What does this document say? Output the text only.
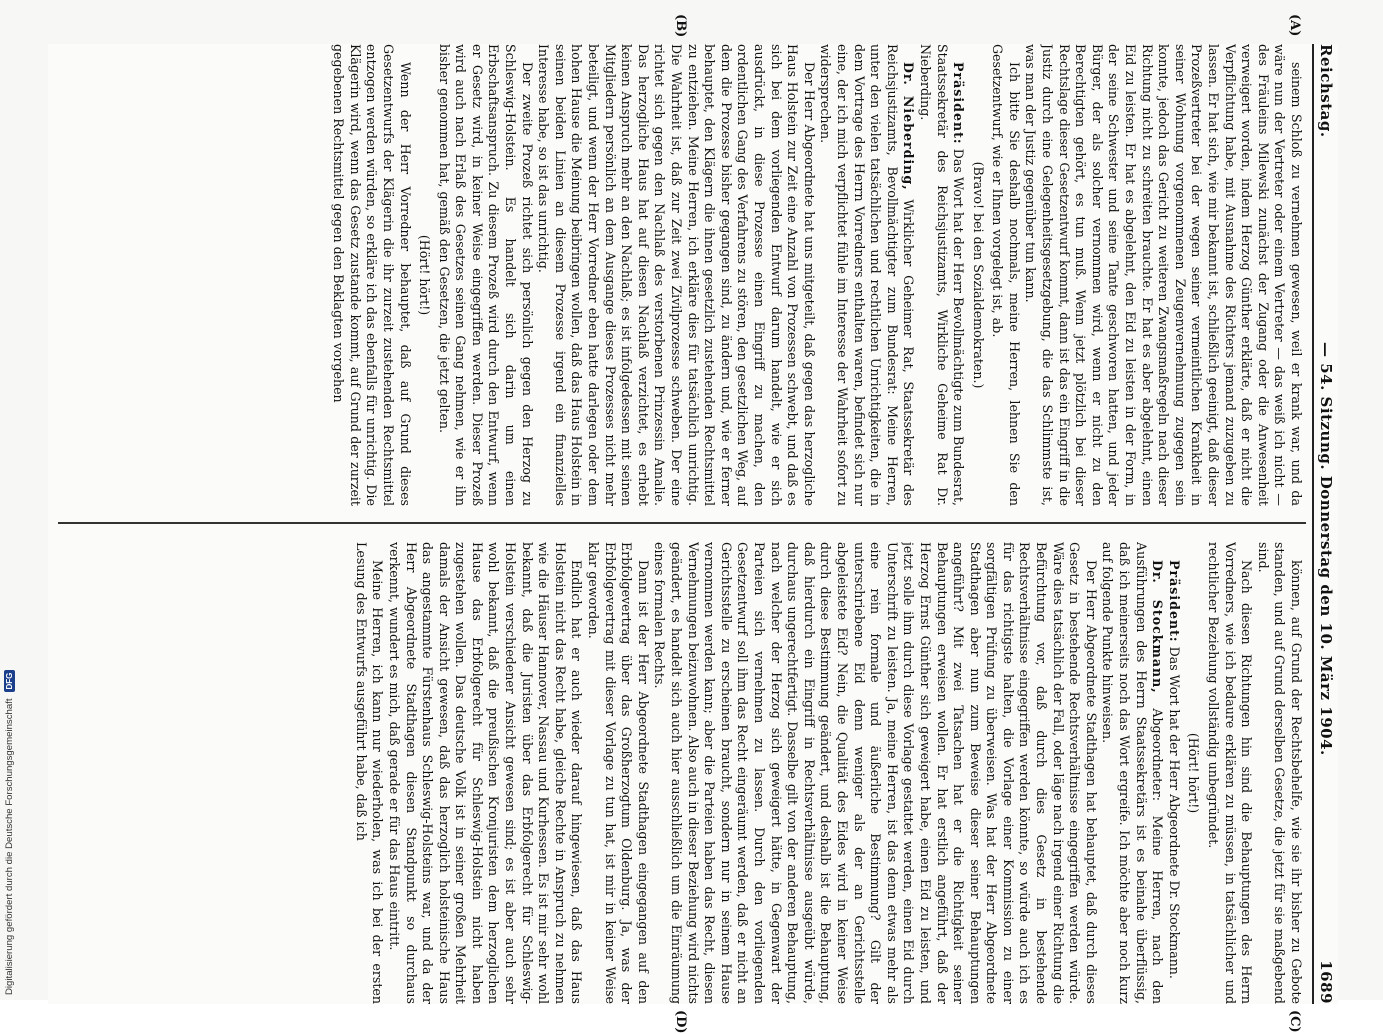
Reichstag.
— 54. Sitzung. Donnerstag den 10. März 1904.
1689
(A)
(B)
(C)
(D)

seinem Schloß zu vernehmen gewesen, weil er krank war, und da wäre nun der Vertreter oder einem Vertreter — das weiß ich nicht — des Fräuleins Milewski zunächst der Zugang oder die Anwesenheit verweigert worden, indem Herzog Günther erklärte, daß er nicht die Verpflichtung habe, mit Ausnahme des Richters jemand zuzugeben zu lassen. Er hat sich, wie mir bekannt ist, schließlich geeinigt, daß dieser Prozeßvertreter bei der wegen seiner vermeintlichen Krankheit in seiner Wohnung vorgenommenen Zeugenvernehmung zugegen sein konnte, jedoch das Gericht zu weiteren Zwangsmaßregeln nach dieser Richtung nicht zu schreiten brauchte. Er hat es aber abgelehnt, einen Eid zu leisten. Er hat es abgelehnt, den Eid zu leisten in der Form, in der seine Schwester und seine Tante geschworen hatten, und jeder Bürger, der als solcher vernommen wird, wenn er nicht zu den Berechtigten gehört, es tun muß. Wenn jetzt plötzlich bei dieser Rechtslage dieser Gesetzentwurf kommt, dann ist das ein Eingriff in die Justiz durch eine Gelegenheitsgesetzgebung, die das Schlimmste ist, was man der Justiz gegenüber tun kann.

Ich bitte Sie deshalb nochmals, meine Herren, lehnen Sie den Gesetzentwurf, wie er Ihnen vorgelegt ist, ab.

(Bravo! bei den Sozialdemokraten.)

Präsident: Das Wort hat der Herr Bevollmächtigte zum Bundesrat, Staatssekretär des Reichsjustizamts, Wirkliche Geheime Rat Dr. Nieberding.

Dr. Nieberding, Wirklicher Geheimer Rat, Staatssekretär des Reichsjustizamts, Bevollmächtigter zum Bundesrat: Meine Herren, unter den vielen tatsächlichen und rechtlichen Unrichtigkeiten, die in dem Vortrage des Herrn Vorredners enthalten waren, befindet sich nur eine, der ich mich verpflichtet fühle im Interesse der Wahrheit sofort zu widersprechen.

Der Herr Abgeordnete hat uns mitgeteilt, daß gegen das herzogliche Haus Holstein zur Zeit eine Anzahl von Prozessen schwebt, und daß es sich bei dem vorliegenden Entwurf darum handelt, wie er sich ausdrückt, in diese Prozesse einen Eingriff zu machen, den ordentlichen Gang des Verfahrens zu stören, den gesetzlichen Weg, auf dem die Prozesse bisher gegangen sind, zu ändern und, wie er ferner behauptet, den Klägern die ihnen gesetzlich zustehenden Rechtsmittel zu entziehen. Meine Herren, ich erkläre dies für tatsächlich unrichtig. Die Wahrheit ist, daß zur Zeit zwei Zivilprozesse schweben. Der eine richtet sich gegen den Nachlaß des verstorbenen Prinzessin Amalie. Das herzogliche Haus hat auf diesen Nachlaß verzichtet, es erhebt keinen Anspruch mehr an den Nachlaß; es ist infolgedessen mit seinen Mitgliedern persönlich an dem Ausgange dieses Prozesses nicht mehr beteiligt, und wenn der Herr Vorredner eben hatte darlegen oder dem hohen Hause die Meinung beibringen wollen, daß das Haus Holstein in seinen beiden Linien an diesem Prozesse irgend ein finanzielles Interesse habe, so ist das unrichtig.

Der zweite Prozeß richtet sich persönlich gegen den Herzog zu Schleswig-Holstein. Es handelt sich darin um einen Erbschaftsanspruch. Zu diesem Prozeß wird durch den Entwurf, wenn er Gesetz wird, in keiner Weise eingegriffen werden. Dieser Prozeß wird auch nach Erlaß des Gesetzes seinen Gang nehmen, wie er ihn bisher genommen hat, gemäß den Gesetzen, die jetzt gelten.

(Hört! hört!)

Wenn der Herr Vorredner behauptet, daß auf Grund dieses Gesetzentwurfs der Klägerin die ihr zurzeit zustehenden Rechtsmittel entzogen werden würden, so erkläre ich das ebenfalls für unrichtig. Die Klägerin wird, wenn das Gesetz zustande kommt, auf Grund der zurzeit gegebenen Rechtsmittel gegen den Beklagten vorgehen

können, auf Grund der Rechtsbehelfe, wie sie ihr bisher zu Gebote standen, und auf Grund derselben Gesetze, die jetzt für sie maßgebend sind.

Nach diesen Richtungen hin sind die Behauptungen des Herrn Vorredners, wie ich bedaure erklären zu müssen, in tatsächlicher und rechtlicher Beziehung vollständig unbegründet.

(Hört! hört!)

Präsident: Das Wort hat der Herr Abgeordnete Dr. Stockmann.

Dr. Stockmann, Abgeordneter: Meine Herren, nach den Ausführungen des Herrn Staatssekretärs ist es beinahe überflüssig, daß ich meinerseits noch das Wort ergreife. Ich möchte aber noch kurz auf folgende Punkte hinweisen.

Der Herr Abgeordnete Stadthagen hat behauptet, daß durch dieses Gesetz in bestehende Rechtsverhältnisse eingegriffen werden würde. Wäre dies tatsächlich der Fall, oder läge nach irgend einer Richtung die Befürchtung vor, daß durch dies Gesetz in bestehende Rechtsverhältnisse eingegriffen werden könnte, so würde auch ich es für das richtigste halten, die Vorlage einer Kommission zu einer sorgfältigen Prüfung zu überweisen. Was hat der Herr Abgeordnete Stadthagen aber nun zum Beweise dieser seiner Behauptungen angeführt? Mit zwei Tatsachen hat er die Richtigkeit seiner Behauptungen erweisen wollen. Er hat erstlich angeführt, daß der Herzog Ernst Günther sich geweigert habe, einen Eid zu leisten, und jetzt solle ihm durch diese Vorlage gestattet werden, einen Eid durch Unterschrift zu leisten. Ja, meine Herren, ist das denn etwas mehr als eine rein formale und äußerliche Bestimmung? Gilt der unterschriebene Eid denn weniger als der an Gerichtsstelle abgeleistete Eid? Nein, die Qualität des Eides wird in keiner Weise durch diese Bestimmung geändert, und deshalb ist die Behauptung, daß hierdurch ein Eingriff in Rechtsverhältnisse ausgeübt würde, durchaus ungerechtfertigt. Dasselbe gilt von der anderen Behauptung, nach welcher der Herzog sich geweigert hätte, in Gegenwart der Parteien sich vernehmen zu lassen. Durch den vorliegenden Gesetzentwurf soll ihm das Recht eingeräumt werden, daß er nicht an Gerichtsstelle zu erscheinen braucht, sondern nur in seinem Hause vernommen werden kann; aber die Parteien haben das Recht, diesen Vernehmungen beizuwohnen. Also auch in dieser Beziehung wird nichts geändert, es handelt sich auch hier ausschließlich um die Einräumung eines formalen Rechts.

Dann ist der Herr Abgeordnete Stadthagen eingegangen auf den Erbfolgevertrag über das Großherzogtum Oldenburg. Ja, was der Erbfolgevertrag mit dieser Vorlage zu tun hat, ist mir in keiner Weise klar geworden.

Endlich hat er auch wieder darauf hingewiesen, daß das Haus Holstein nicht das Recht habe, gleiche Rechte in Anspruch zu nehmen wie die Häuser Hannover, Nassau und Kurhessen. Es ist mir sehr wohl bekannt, daß die Juristen über das Erbfolgerecht für Schleswig-Holstein verschiedener Ansicht gewesen sind; es ist aber auch sehr wohl bekannt, daß die preußischen Kronjuristen dem herzoglichen Hause das Erbfolgerecht für Schleswig-Holstein nicht haben zugestehen wollen. Das deutsche Volk ist in seiner großen Mehrheit damals der Ansicht gewesen, daß das herzoglich holsteinische Haus das angestammte Fürstenhaus Schleswig-Holsteins war, und da der Herr Abgeordnete Stadthagen diesen Standpunkt so durchaus verkennt, wundert es mich, daß gerade er für das Haus eintritt.

Meine Herren, ich kann nur wiederholen, was ich bei der ersten Lesung des Entwurfs ausgeführt habe, daß ich

Digitalisierung gefördert durch die Deutsche Forschungsgemeinschaft
DFG
